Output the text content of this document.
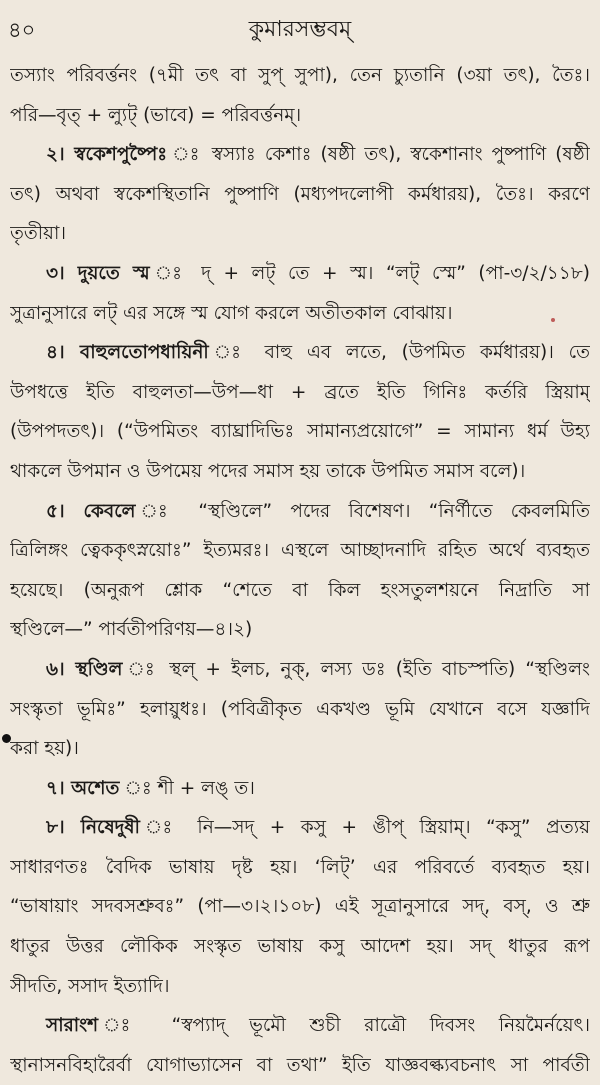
৪০	কুমারসম্ভবম্
তস্যাং পরিবর্ত্তনং (৭মী তৎ বা সুপ্ সুপা), তেন চ্যুতানি (৩য়া তৎ), তৈঃ।
পরি—বৃত্ + ল্যুট্ (ভাবে) = পরিবর্ত্তনম্।
২। স্বকেশপুষ্পৈঃ ঃ স্বস্যাঃ কেশাঃ (ষষ্ঠী তৎ), স্বকেশানাং পুষ্পাণি (ষষ্ঠী
তৎ) অথবা স্বকেশস্থিতানি পুষ্পাণি (মধ্যপদলোপী কর্মধারয়), তৈঃ। করণে
তৃতীয়া।
৩। দুয়তে স্ম ঃ দ্ + লট্ তে + স্ম। “লট্ স্মে” (পা-৩/২/১১৮)
সুত্রানুসারে লট্ এর সঙ্গে স্ম যোগ করলে অতীতকাল বোঝায়।
৪। বাহুলতোপধায়িনী ঃ বাহু এব লতে, (উপমিত কর্মধারয়)। তে
উপধত্তে ইতি বাহুলতা—উপ—ধা + ব্রতে ইতি গিনিঃ কর্তরি স্ত্রিয়াম্
(উপপদতৎ)। (“উপমিতং ব্যাঘ্রাদিভিঃ সামান্যপ্রয়োগে” = সামান্য ধর্ম উহ্য
থাকলে উপমান ও উপমেয় পদের সমাস হয় তাকে উপমিত সমাস বলে)।
৫। কেবলে ঃ “স্থণ্ডিলে” পদের বিশেষণ। “নির্ণীতে কেবলমিতি
ত্রিলিঙ্গং ত্বেককৃৎস্নয়োঃ” ইত্যমরঃ। এস্থলে আচ্ছাদনাদি রহিত অর্থে ব্যবহৃত
হয়েছে। (অনুরূপ শ্লোক “শেতে বা কিল হংসতুলশয়নে নিদ্রাতি সা
স্থণ্ডিলে—” পার্বতীপরিণয়—৪।২)
৬। স্থণ্ডিল ঃ স্থল্ + ইলচ, নুক্, লস্য ডঃ (ইতি বাচস্পতি) “স্থণ্ডিলং
সংস্কৃতা ভূমিঃ” হলায়ুধঃ। (পবিত্রীকৃত একখণ্ড ভূমি যেখানে বসে যজ্ঞাদি
করা হয়)।
৭। অশেত ঃ শী + লঙ্ ত।
৮। নিষেদুষী ঃ নি—সদ্ + কসু + ঙীপ্ স্ত্রিয়াম্। “কসু” প্রত্যয়
সাধারণতঃ বৈদিক ভাষায় দৃষ্ট হয়। ‘লিট্’ এর পরিবর্তে ব্যবহৃত হয়।
“ভাষায়াং সদবসশ্রুবঃ” (পা—৩।২।১০৮) এই সূত্রানুসারে সদ্, বস্, ও শ্রু
ধাতুর উত্তর লৌকিক সংস্কৃত ভাষায় কসু আদেশ হয়। সদ্ ধাতুর রূপ
সীদতি, সসাদ ইত্যাদি।
সারাংশ ঃ “স্বপ্যাদ্ ভূমৌ শুচী রাত্রৌ দিবসং নিয়মৈর্নয়েৎ।
স্থানাসনবিহারৈর্বা যোগাভ্যাসেন বা তথা” ইতি যাজ্ঞবল্ক্যবচনাৎ সা পার্বতী
